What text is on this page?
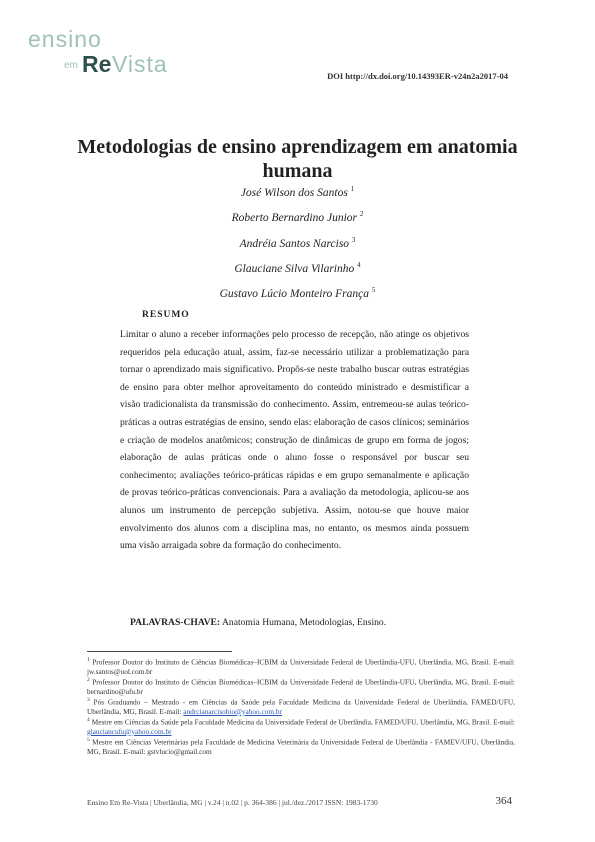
ensino
em Re Vista	DOI http://dx.doi.org/10.14393ER-v24n2a2017-04
Metodologias de ensino aprendizagem em anatomia humana
José Wilson dos Santos $^1$
Roberto Bernardino Junior $^2$
Andréia Santos Narciso $^3$
Glauciane Silva Vilarinho $^4$
Gustavo Lúcio Monteiro França $^5$
RESUMO

Limitar o aluno a receber informações pelo processo de recepção, não atinge os objetivos requeridos pela educação atual, assim, faz-se necessário utilizar a problematização para tornar o aprendizado mais significativo. Propôs-se neste trabalho buscar outras estratégias de ensino para obter melhor aproveitamento do conteúdo ministrado e desmistificar a visão tradicionalista da transmissão do conhecimento. Assim, entremeou-se aulas teórico-práticas a outras estratégias de ensino, sendo elas: elaboração de casos clínicos; seminários e criação de modelos anatômicos; construção de dinâmicas de grupo em forma de jogos; elaboração de aulas práticas onde o aluno fosse o responsável por buscar seu conhecimento; avaliações teórico-práticas rápidas e em grupo semanalmente e aplicação de provas teórico-práticas convencionais. Para a avaliação da metodologia, aplicou-se aos alunos um instrumento de percepção subjetiva. Assim, notou-se que houve maior envolvimento dos alunos com a disciplina mas, no entanto, os mesmos ainda possuem uma visão arraigada sobre da formação do conhecimento.

PALAVRAS-CHAVE: Anatomia Humana, Metodologias, Ensino.
$^1$ Professor Doutor do Instituto de Ciências Biomédicas–ICBIM da Universidade Federal de Uberlândia-UFU, Uberlândia, MG, Brasil. E-mail: jw.santos@uol.com.br
$^2$ Professor Doutor do Instituto de Ciências Biomédicas–ICBIM da Universidade Federal de Uberlândia-UFU, Uberlândia, MG, Brasil. E-mail: bernardino@ufu.br
$^3$ Pós Graduando – Mestrado - em Ciências da Saúde pela Faculdade Medicina da Universidade Federal de Uberlândia, FAMED/UFU, Uberlândia, MG, Brasil. E-mail: andrcianarcisobio@yahoo.com.br
$^4$ Mestre em Ciências da Saúde pela Faculdade Medicina da Universidade Federal de Uberlândia, FAMED/UFU, Uberlândia, MG, Brasil. E-mail: glauciancufu@yahoo.com.br
$^5$ Mestre em Ciências Veterinárias pela Faculdade de Medicina Veterinária da Universidade Federal de Uberlândia - FAMEV/UFU, Uberlândia, MG, Brasil. E-mail: gstvlucio@gmail.com
Ensino Em Re-Vista | Uberlândia, MG | v.24 | n.02 | p. 364-386 | jul./dez./2017 ISSN: 1983-1730	364
